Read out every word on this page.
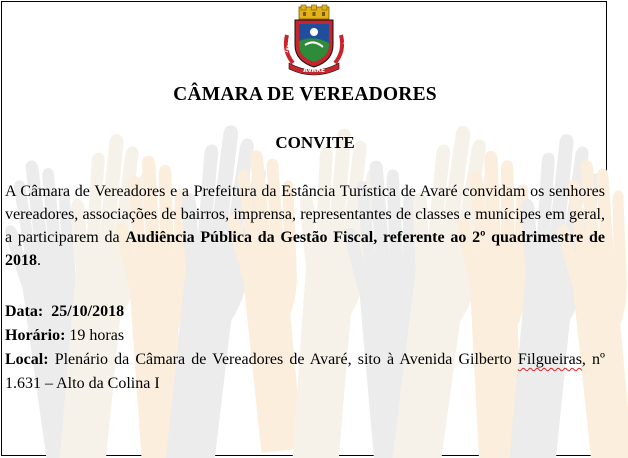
1861	1891
AVARÉ
CÂMARA DE VEREADORES
CONVITE
A Câmara de Vereadores e a Prefeitura da Estância Turística de Avaré convidam os senhores vereadores, associações de bairros, imprensa, representantes de classes e munícipes em geral, a participarem da Audiência Pública da Gestão Fiscal, referente ao 2º quadrimestre de 2018.
Data: 25/10/2018
Horário: 19 horas
Local: Plenário da Câmara de Vereadores de Avaré, sito à Avenida Gilberto Filgueiras, nº 1.631 – Alto da Colina I
